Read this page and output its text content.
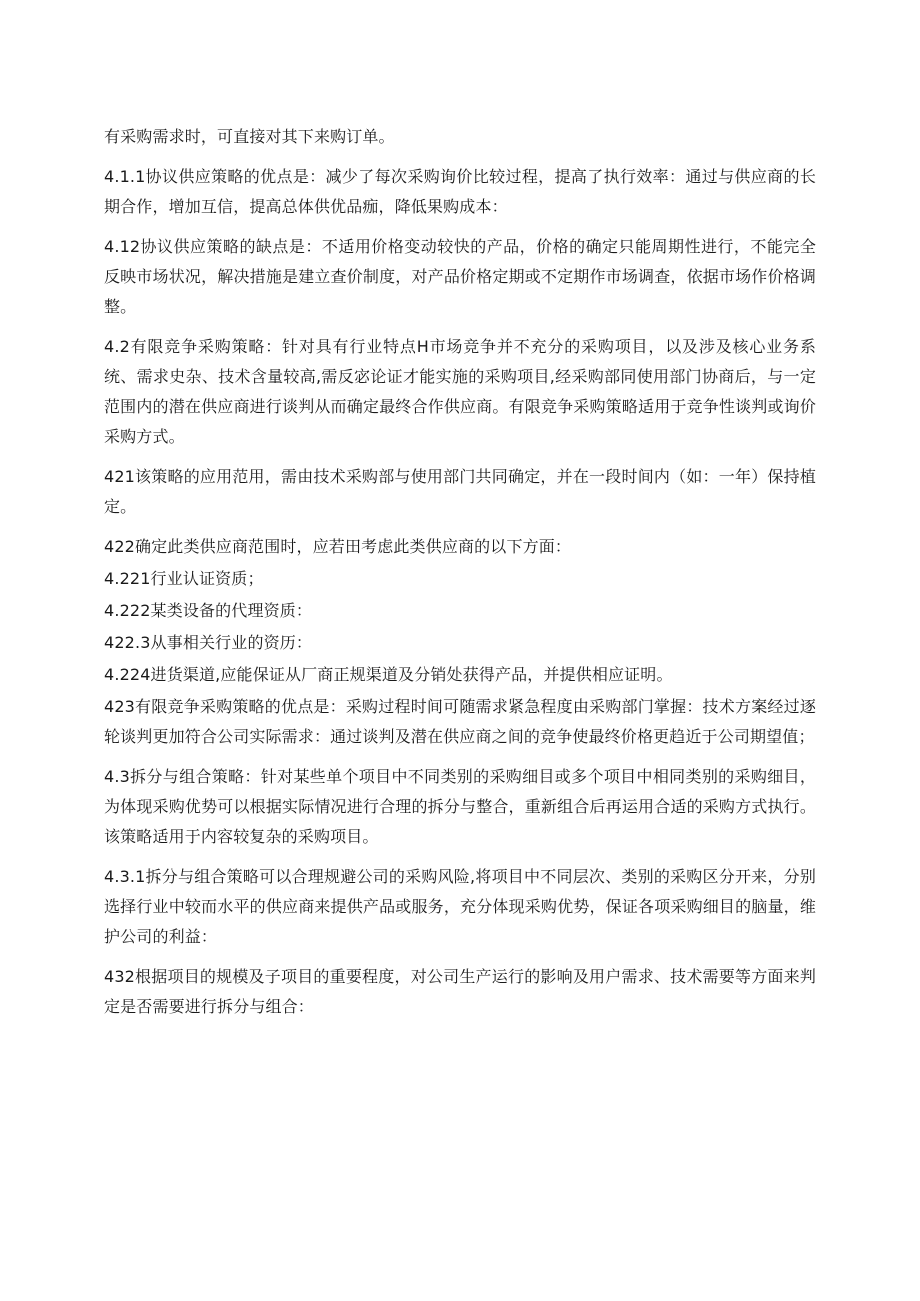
有采购需求时，可直接对其下来购订单。

4.1.1协议供应策略的优点是：减少了每次采购询价比较过程，提高了执行效率：通过与供应商的长期合作，增加互信，提高总体供优品痂，降低果购成本：

4.12协议供应策略的缺点是：不适用价格变动较快的产品，价格的确定只能周期性进行，不能完全反映市场状况，解决措施是建立查价制度，对产品价格定期或不定期作市场调查，依据市场作价格调整。

4.2有限竞争采购策略：针对具有行业特点H市场竞争并不充分的采购项目，以及涉及核心业务系统、需求史杂、技术含量较高,需反宓论证才能实施的采购项目,经采购部同使用部门协商后，与一定范围内的潜在供应商进行谈判从而确定最终合作供应商。有限竞争采购策略适用于竞争性谈判或询价采购方式。

421该策略的应用范用，需由技术采购部与使用部门共同确定，并在一段时间内（如：一年）保持植定。

422确定此类供应商范围时，应若田考虑此类供应商的以下方面：

4.221行业认证资质；

4.222某类设备的代理资质：

422.3从事相关行业的资历：

4.224进货渠道,应能保证从厂商正规渠道及分销处获得产品，并提供相应证明。

423有限竞争采购策略的优点是：采购过程时间可随需求紧急程度由采购部门掌握：技术方案经过逐轮谈判更加符合公司实际需求：通过谈判及潜在供应商之间的竞争使最终价格更趋近于公司期望值；

4.3拆分与组合策略：针对某些单个项目中不同类别的采购细目或多个项目中相同类别的采购细目，为体现采购优势可以根据实际情况进行合理的拆分与整合，重新组合后再运用合适的采购方式执行。该策略适用于内容较复杂的采购项目。

4.3.1拆分与组合策略可以合理规避公司的采购风险,将项目中不同层次、类别的采购区分开来，分别选择行业中较而水平的供应商来提供产品或服务，充分体现采购优势，保证各项采购细目的脑量，维护公司的利益：

432根据项目的规模及子项目的重要程度，对公司生产运行的影响及用户需求、技术需要等方面来判定是否需要进行拆分与组合：
